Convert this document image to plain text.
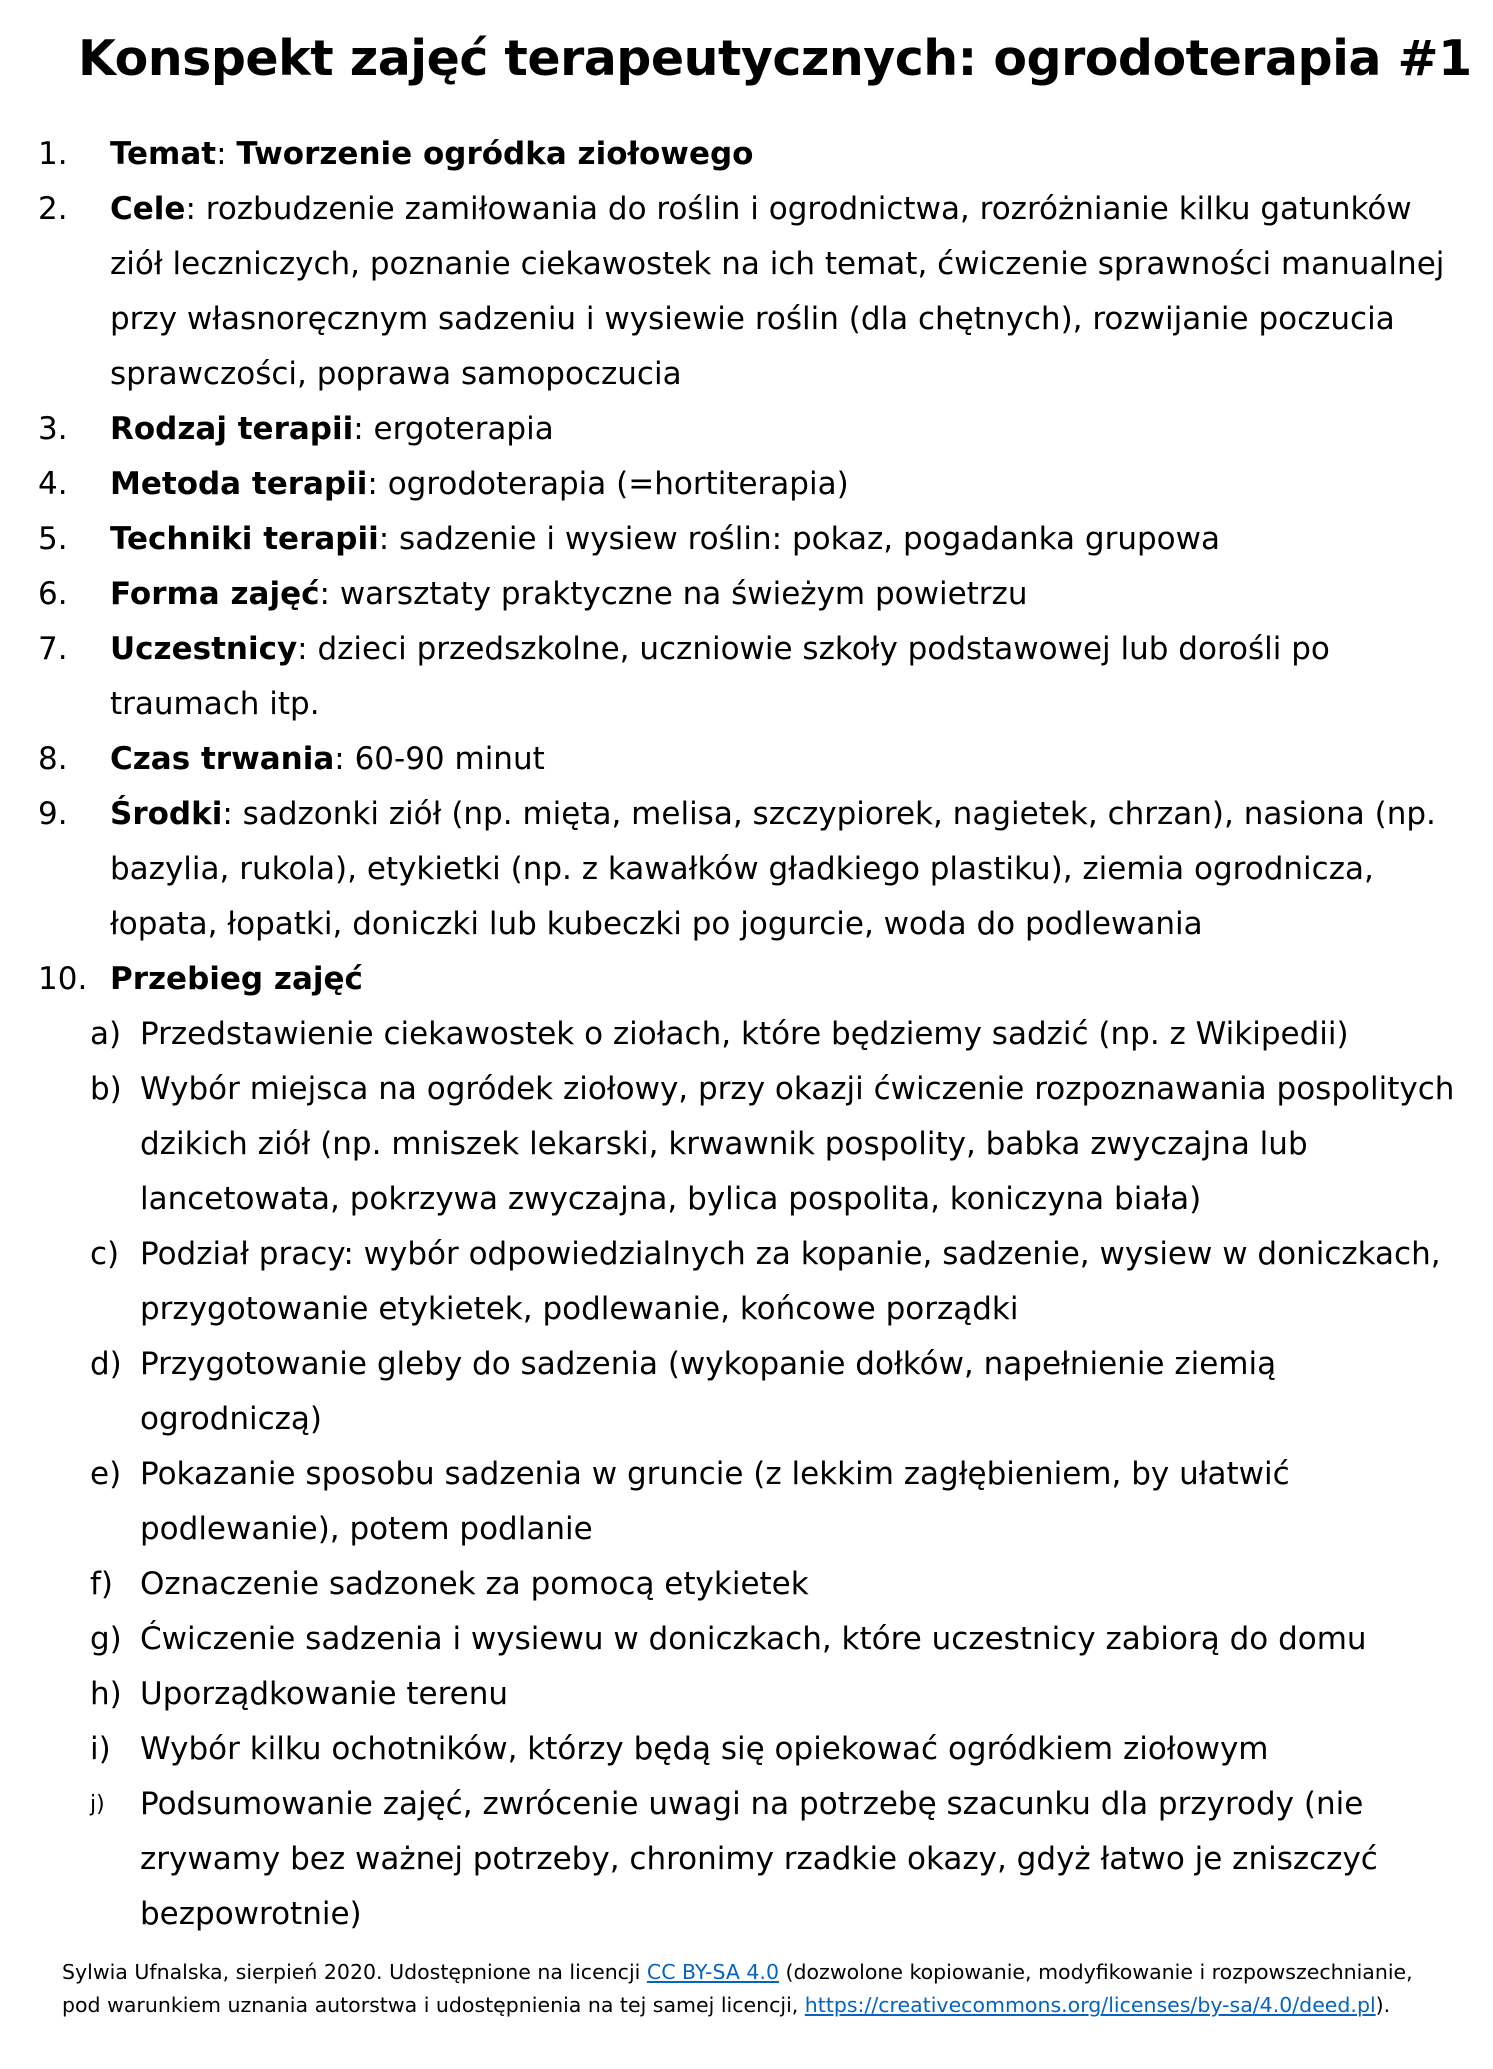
Konspekt zajęć terapeutycznych: ogrodoterapia #1
1.	Temat: Tworzenie ogródka ziołowego
2.	Cele: rozbudzenie zamiłowania do roślin i ogrodnictwa, rozróżnianie kilku gatunków ziół leczniczych, poznanie ciekawostek na ich temat, ćwiczenie sprawności manualnej przy własnoręcznym sadzeniu i wysiewie roślin (dla chętnych), rozwijanie poczucia sprawczości, poprawa samopoczucia
3.	Rodzaj terapii: ergoterapia
4.	Metoda terapii: ogrodoterapia (=hortiterapia)
5.	Techniki terapii: sadzenie i wysiew roślin: pokaz, pogadanka grupowa
6.	Forma zajęć: warsztaty praktyczne na świeżym powietrzu
7.	Uczestnicy: dzieci przedszkolne, uczniowie szkoły podstawowej lub dorośli po traumach itp.
8.	Czas trwania: 60-90 minut
9.	Środki: sadzonki ziół (np. mięta, melisa, szczypiorek, nagietek, chrzan), nasiona (np. bazylia, rukola), etykietki (np. z kawałków gładkiego plastiku), ziemia ogrodnicza, łopata, łopatki, doniczki lub kubeczki po jogurcie, woda do podlewania
10. Przebieg zajęć
a) Przedstawienie ciekawostek o ziołach, które będziemy sadzić (np. z Wikipedii)
b) Wybór miejsca na ogródek ziołowy, przy okazji ćwiczenie rozpoznawania pospolitych dzikich ziół (np. mniszek lekarski, krwawnik pospolity, babka zwyczajna lub lancetowata, pokrzywa zwyczajna, bylica pospolita, koniczyna biała)
c) Podział pracy: wybór odpowiedzialnych za kopanie, sadzenie, wysiew w doniczkach, przygotowanie etykietek, podlewanie, końcowe porządki
d) Przygotowanie gleby do sadzenia (wykopanie dołków, napełnienie ziemią ogrodniczą)
e) Pokazanie sposobu sadzenia w gruncie (z lekkim zagłębieniem, by ułatwić podlewanie), potem podlanie
f) Oznaczenie sadzonek za pomocą etykietek
g) Ćwiczenie sadzenia i wysiewu w doniczkach, które uczestnicy zabiorą do domu
h) Uporządkowanie terenu
i) Wybór kilku ochotników, którzy będą się opiekować ogródkiem ziołowym
j)	Podsumowanie zajęć, zwrócenie uwagi na potrzebę szacunku dla przyrody (nie zrywamy bez ważnej potrzeby, chronimy rzadkie okazy, gdyż łatwo je zniszczyć bezpowrotnie)
Sylwia Ufnalska, sierpień 2020. Udostępnione na licencji CC BY-SA 4.0 (dozwolone kopiowanie, modyfikowanie i rozpowszechnianie,
pod warunkiem uznania autorstwa i udostępnienia na tej samej licencji, https://creativecommons.org/licenses/by-sa/4.0/deed.pl).
